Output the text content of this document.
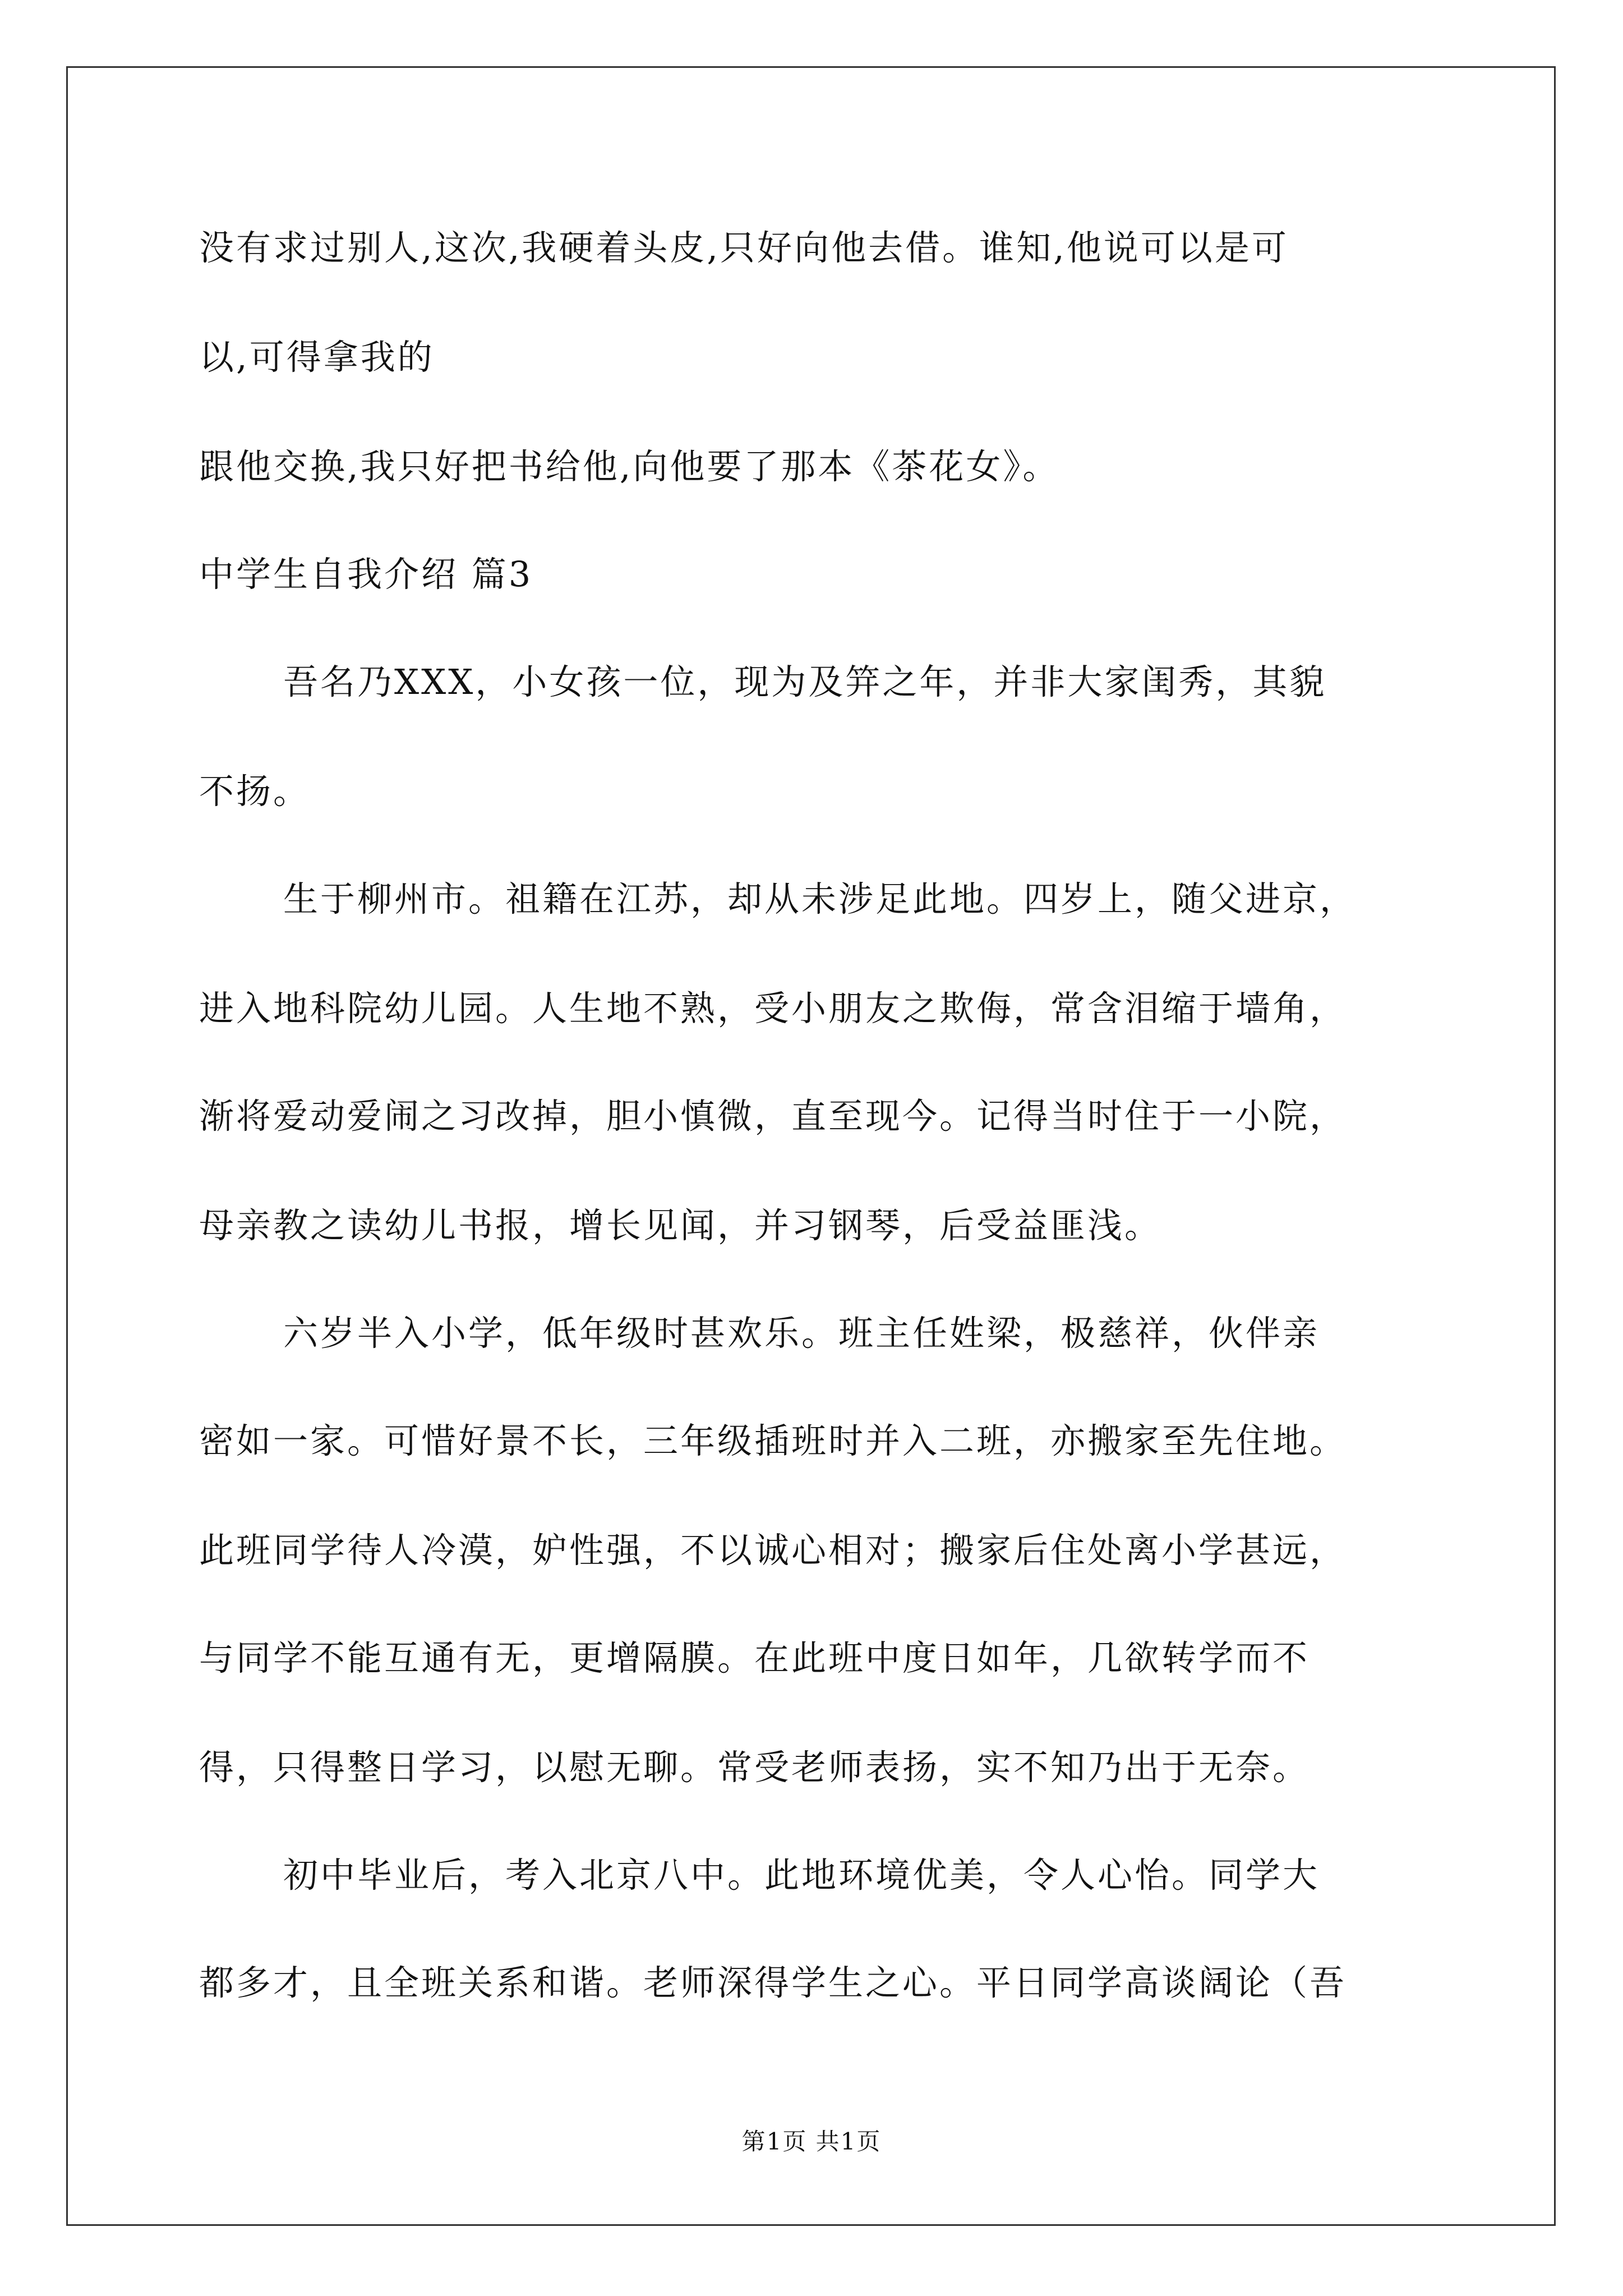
没有求过别人,这次,我硬着头皮,只好向他去借。谁知,他说可以是可
以,可得拿我的
跟他交换,我只好把书给他,向他要了那本《茶花女》。
中学生自我介绍 篇3
吾名乃XXX，小女孩一位，现为及笄之年，并非大家闺秀，其貌
不扬。
生于柳州市。祖籍在江苏，却从未涉足此地。四岁上，随父进京，
进入地科院幼儿园。人生地不熟，受小朋友之欺侮，常含泪缩于墙角，
渐将爱动爱闹之习改掉，胆小慎微，直至现今。记得当时住于一小院，
母亲教之读幼儿书报，增长见闻，并习钢琴，后受益匪浅。
六岁半入小学，低年级时甚欢乐。班主任姓梁，极慈祥，伙伴亲
密如一家。可惜好景不长，三年级插班时并入二班，亦搬家至先住地。
此班同学待人冷漠，妒性强，不以诚心相对；搬家后住处离小学甚远，
与同学不能互通有无，更增隔膜。在此班中度日如年，几欲转学而不
得，只得整日学习，以慰无聊。常受老师表扬，实不知乃出于无奈。
初中毕业后，考入北京八中。此地环境优美，令人心怡。同学大
都多才，且全班关系和谐。老师深得学生之心。平日同学高谈阔论（吾
第1页 共1页
